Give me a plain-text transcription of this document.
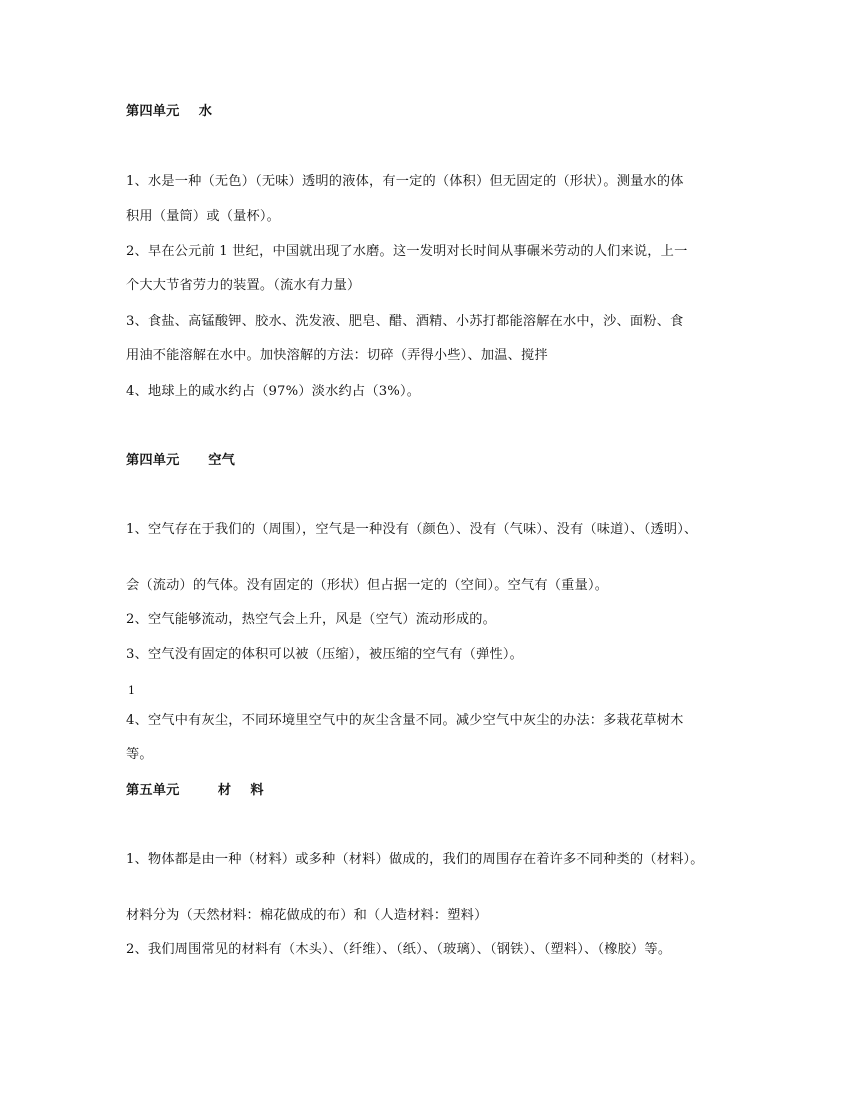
第四单元    水
1、水是一种（无色）（无味）透明的液体，有一定的（体积）但无固定的（形状）。测量水的体
积用（量筒）或（量杯）。
2、早在公元前 1 世纪，中国就出现了水磨。这一发明对长时间从事碾米劳动的人们来说，上一
个大大节省劳力的装置。（流水有力量）
3、食盐、高锰酸钾、胶水、洗发液、肥皂、醋、酒精、小苏打都能溶解在水中，沙、面粉、食
用油不能溶解在水中。加快溶解的方法：切碎（弄得小些）、加温、搅拌
4、地球上的咸水约占（97%）淡水约占（3%）。
第四单元      空气
1、空气存在于我们的（周围），空气是一种没有（颜色）、没有（气味）、没有（味道）、（透明）、
会（流动）的气体。没有固定的（形状）但占据一定的（空间）。空气有（重量）。
2、空气能够流动，热空气会上升，风是（空气）流动形成的。
3、空气没有固定的体积可以被（压缩），被压缩的空气有（弹性）。
1
4、空气中有灰尘，不同环境里空气中的灰尘含量不同。减少空气中灰尘的办法：多栽花草树木
等。
第五单元        材    料
1、物体都是由一种（材料）或多种（材料）做成的，我们的周围存在着许多不同种类的（材料）。
材料分为（天然材料：棉花做成的布）和（人造材料：塑料）
2、我们周围常见的材料有（木头）、（纤维）、（纸）、（玻璃）、（钢铁）、（塑料）、（橡胶）等。
